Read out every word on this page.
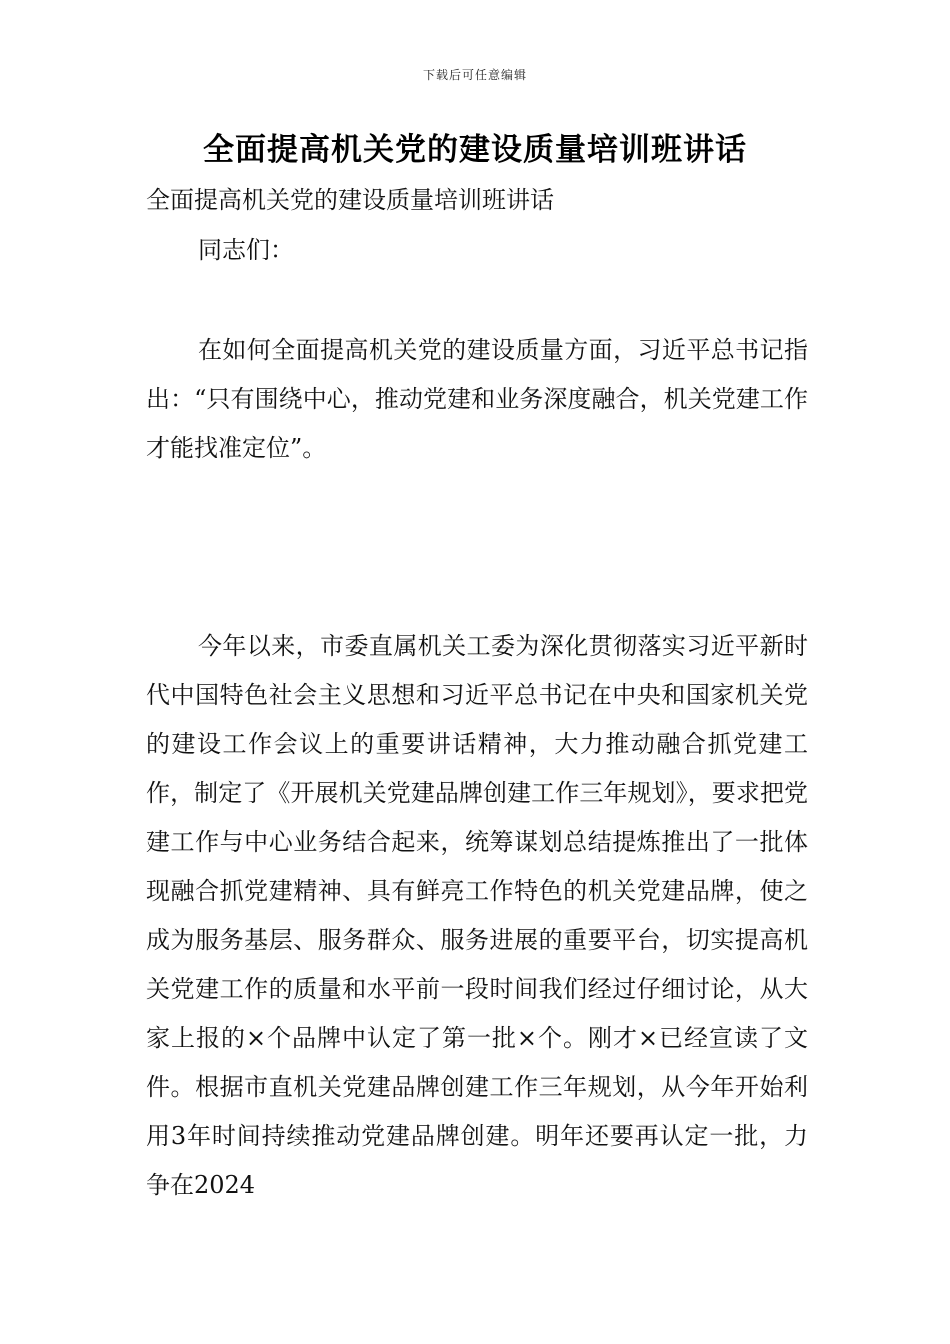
下载后可任意编辑
全面提高机关党的建设质量培训班讲话

全面提高机关党的建设质量培训班讲话

同志们：

在如何全面提高机关党的建设质量方面，习近平总书记指出：“只有围绕中心，推动党建和业务深度融合，机关党建工作才能找准定位”。

今年以来，市委直属机关工委为深化贯彻落实习近平新时代中国特色社会主义思想和习近平总书记在中央和国家机关党的建设工作会议上的重要讲话精神，大力推动融合抓党建工作，制定了《开展机关党建品牌创建工作三年规划》，要求把党建工作与中心业务结合起来，统筹谋划总结提炼推出了一批体现融合抓党建精神、具有鲜亮工作特色的机关党建品牌，使之成为服务基层、服务群众、服务进展的重要平台，切实提高机关党建工作的质量和水平前一段时间我们经过仔细讨论，从大家上报的×个品牌中认定了第一批×个。刚才×已经宣读了文件。根据市直机关党建品牌创建工作三年规划，从今年开始利用3年时间持续推动党建品牌创建。明年还要再认定一批，力争在2024
